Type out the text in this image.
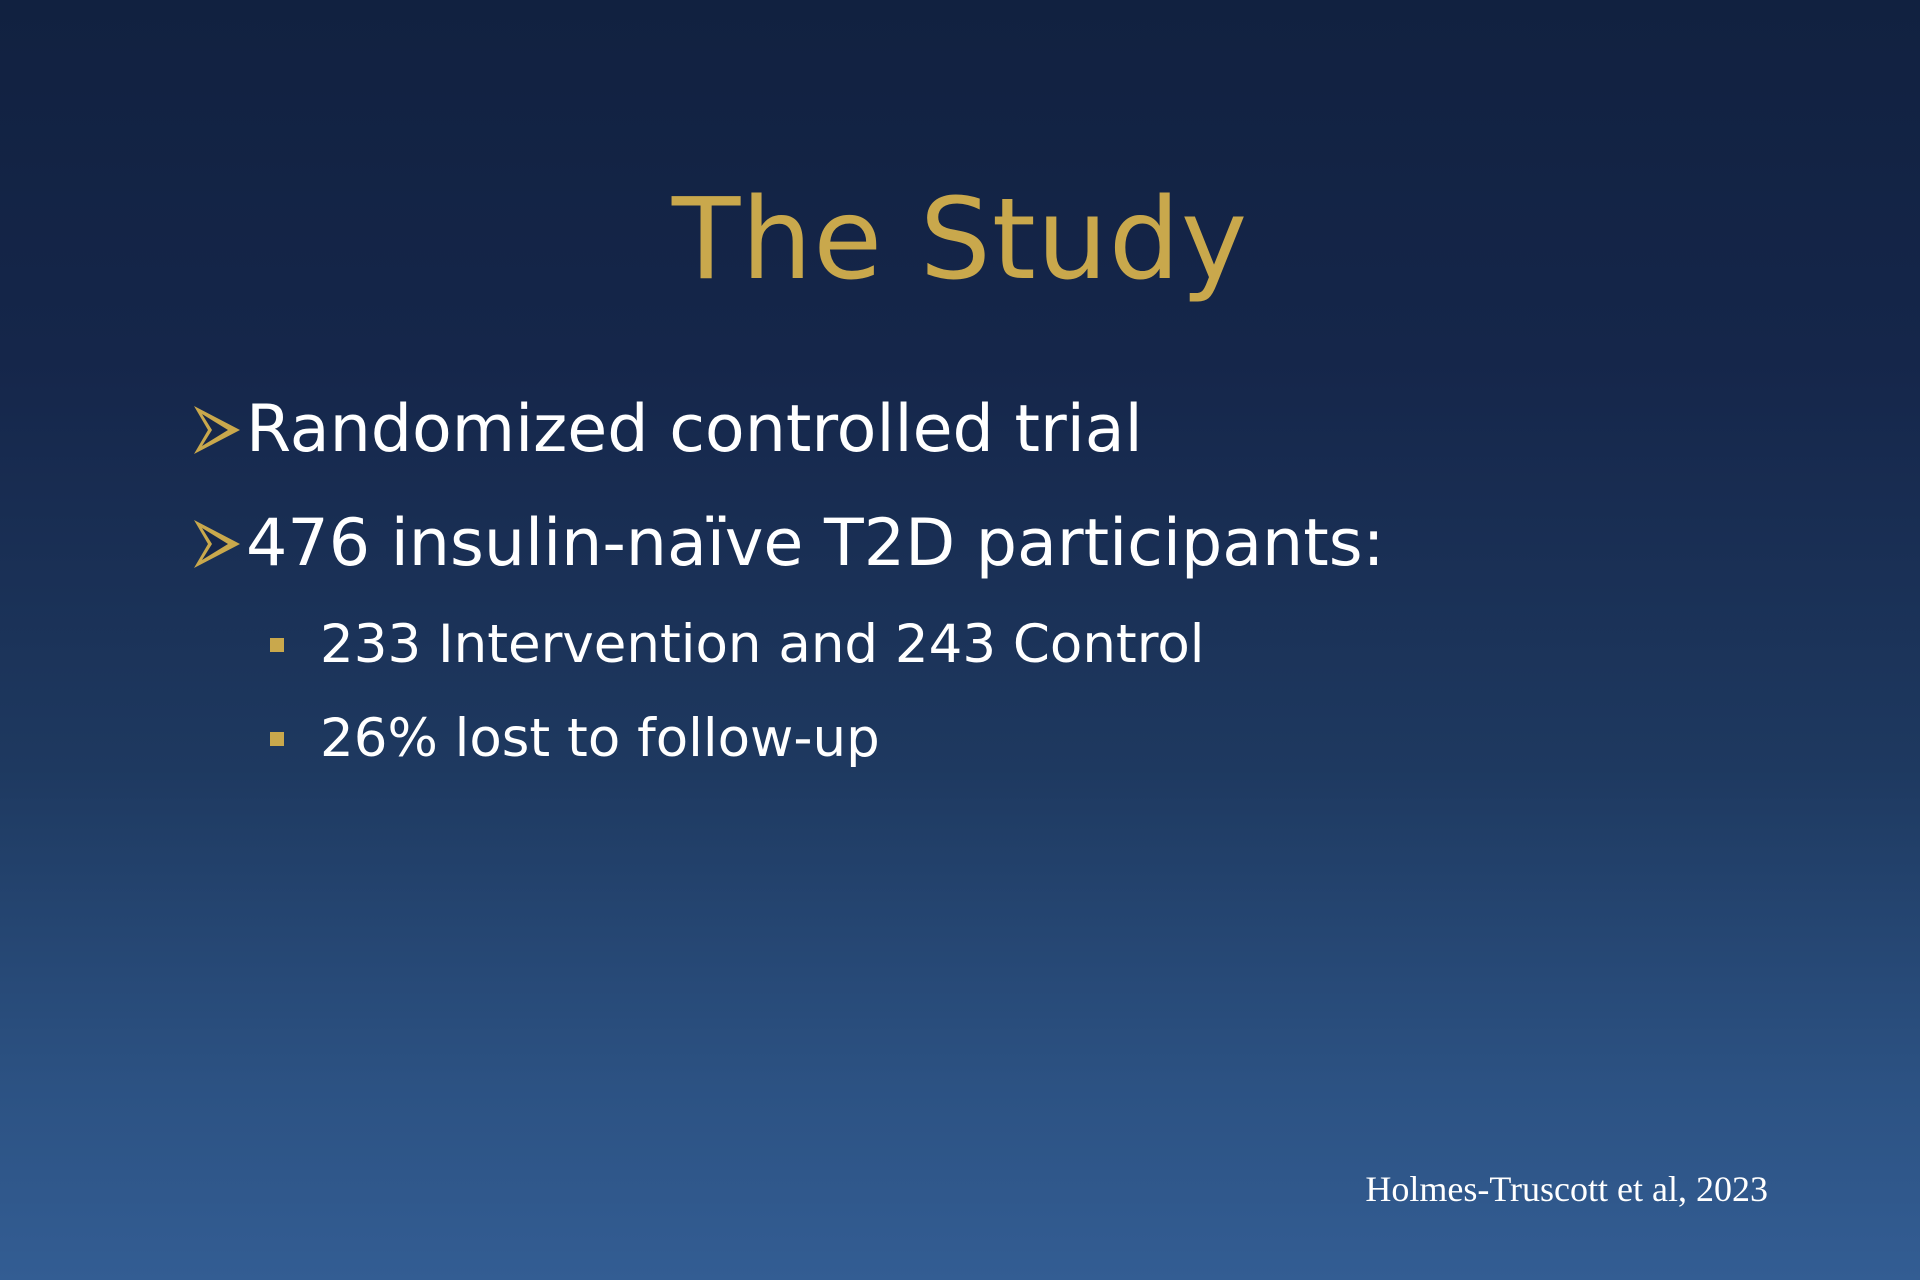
The Study
Randomized controlled trial
476 insulin-naïve T2D participants:
233 Intervention and 243 Control
26% lost to follow-up
Holmes-Truscott et al, 2023
